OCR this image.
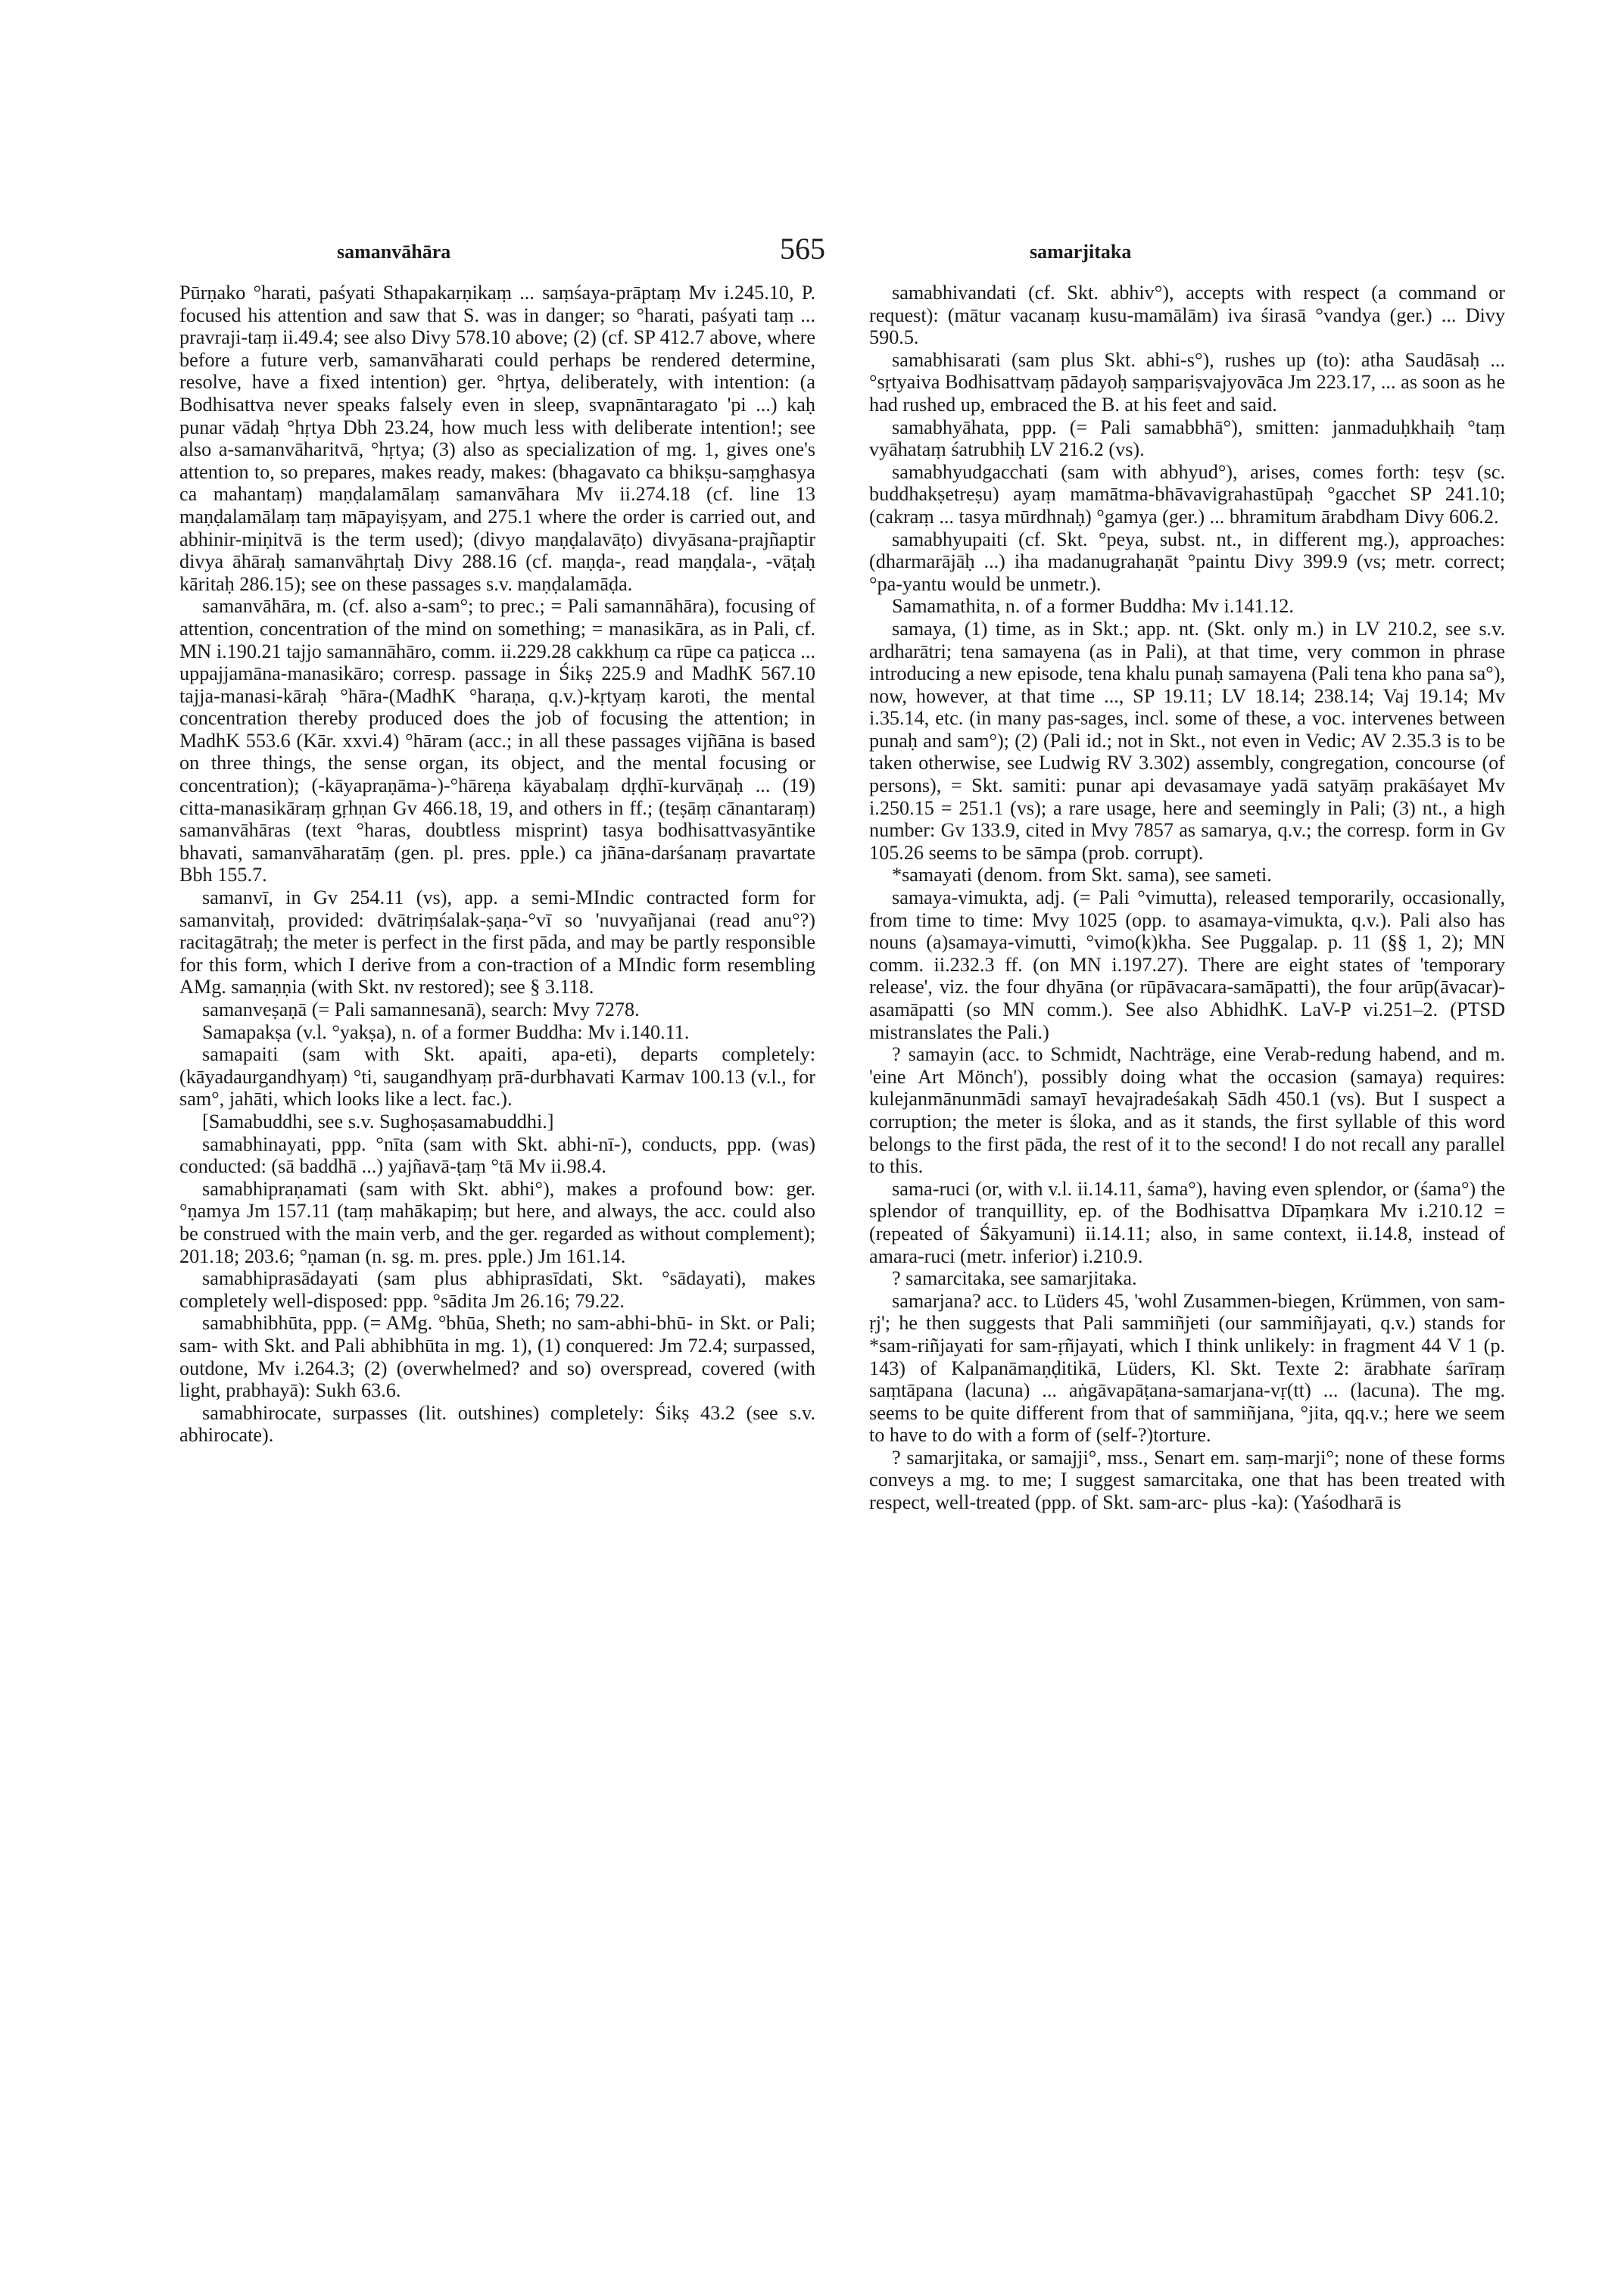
samanvāhāra	565	samarjitaka

Pūrṇako °harati, paśyati Sthapakarṇikaṃ ... saṃśaya-prāptaṃ Mv i.245.10, P. focused his attention and saw that S. was in danger; so °harati, paśyati taṃ ... pravraji-taṃ ii.49.4; see also Divy 578.10 above; (2) (cf. SP 412.7 above, where before a future verb, samanvāharati could perhaps be rendered determine, resolve, have a fixed intention) ger. °hṛtya, deliberately, with intention: (a Bodhisattva never speaks falsely even in sleep, svapnāntaragato 'pi ...) kaḥ punar vādaḥ °hṛtya Dbh 23.24, how much less with deliberate intention!; see also a-samanvāharitvā, °hṛtya; (3) also as specialization of mg. 1, gives one's attention to, so prepares, makes ready, makes: (bhagavato ca bhikṣu-saṃghasya ca mahantaṃ) maṇḍalamālaṃ samanvāhara Mv ii.274.18 (cf. line 13 maṇḍalamālaṃ taṃ māpayiṣyam, and 275.1 where the order is carried out, and abhinir-miṇitvā is the term used); (divyo maṇḍalavāṭo) divyāsana-prajñaptir divya āhāraḥ samanvāhṛtaḥ Divy 288.16 (cf. maṇḍa-, read maṇḍala-, -vāṭaḥ kāritaḥ 286.15); see on these passages s.v. maṇḍalamāḍa.

samanvāhāra, m. (cf. also a-sam°; to prec.; = Pali samannāhāra), focusing of attention, concentration of the mind on something; = manasikāra, as in Pali, cf. MN i.190.21 tajjo samannāhāro, comm. ii.229.28 cakkhuṃ ca rūpe ca paṭicca ... uppajjamāna-manasikāro; corresp. passage in Śikṣ 225.9 and MadhK 567.10 tajja-manasi-kāraḥ °hāra-(MadhK °haraṇa, q.v.)-kṛtyaṃ karoti, the mental concentration thereby produced does the job of focusing the attention; in MadhK 553.6 (Kār. xxvi.4) °hāram (acc.; in all these passages vijñāna is based on three things, the sense organ, its object, and the mental focusing or concentration); (-kāyapraṇāma-)-°hāreṇa kāyabalaṃ dṛḍhī-kurvāṇaḥ ... (19) citta-manasikāraṃ gṛhṇan Gv 466.18, 19, and others in ff.; (teṣāṃ cānantaraṃ) samanvāhāras (text °haras, doubtless misprint) tasya bodhisattvasyāntike bhavati, samanvāharatāṃ (gen. pl. pres. pple.) ca jñāna-darśanaṃ pravartate Bbh 155.7.

samanvī, in Gv 254.11 (vs), app. a semi-MIndic contracted form for samanvitaḥ, provided: dvātriṃśalak-ṣaṇa-°vī so 'nuvyañjanai (read anu°?) racitagātraḥ; the meter is perfect in the first pāda, and may be partly responsible for this form, which I derive from a con-traction of a MIndic form resembling AMg. samaṇṇia (with Skt. nv restored); see § 3.118.

samanveṣaṇā (= Pali samannesanā), search: Mvy 7278.

Samapakṣa (v.l. °yakṣa), n. of a former Buddha: Mv i.140.11.

samapaiti (sam with Skt. apaiti, apa-eti), departs completely: (kāyadaurgandhyaṃ) °ti, saugandhyaṃ prā-durbhavati Karmav 100.13 (v.l., for sam°, jahāti, which looks like a lect. fac.).

[Samabuddhi, see s.v. Sughoṣasamabuddhi.]

samabhinayati, ppp. °nīta (sam with Skt. abhi-nī-), conducts, ppp. (was) conducted: (sā baddhā ...) yajñavā-ṭaṃ °tā Mv ii.98.4.

samabhipraṇamati (sam with Skt. abhi°), makes a profound bow: ger. °ṇamya Jm 157.11 (taṃ mahākapiṃ; but here, and always, the acc. could also be construed with the main verb, and the ger. regarded as without complement); 201.18; 203.6; °ṇaman (n. sg. m. pres. pple.) Jm 161.14.

samabhiprasādayati (sam plus abhiprasīdati, Skt. °sādayati), makes completely well-disposed: ppp. °sādita Jm 26.16; 79.22.

samabhibhūta, ppp. (= AMg. °bhūa, Sheth; no sam-abhi-bhū- in Skt. or Pali; sam- with Skt. and Pali abhibhūta in mg. 1), (1) conquered: Jm 72.4; surpassed, outdone, Mv i.264.3; (2) (overwhelmed? and so) overspread, covered (with light, prabhayā): Sukh 63.6.

samabhirocate, surpasses (lit. outshines) completely: Śikṣ 43.2 (see s.v. abhirocate).

samabhivandati (cf. Skt. abhiv°), accepts with respect (a command or request): (mātur vacanaṃ kusu-mamālām) iva śirasā °vandya (ger.) ... Divy 590.5.

samabhisarati (sam plus Skt. abhi-s°), rushes up (to): atha Saudāsaḥ ... °sṛtyaiva Bodhisattvaṃ pādayoḥ saṃpariṣvajyovāca Jm 223.17, ... as soon as he had rushed up, embraced the B. at his feet and said.

samabhyāhata, ppp. (= Pali samabbhā°), smitten: janmaduḥkhaiḥ °taṃ vyāhataṃ śatrubhiḥ LV 216.2 (vs).

samabhyudgacchati (sam with abhyud°), arises, comes forth: teṣv (sc. buddhakṣetreṣu) ayaṃ mamātma-bhāvavigrahastūpaḥ °gacchet SP 241.10; (cakraṃ ... tasya mūrdhnaḥ) °gamya (ger.) ... bhramitum ārabdham Divy 606.2.

samabhyupaiti (cf. Skt. °peya, subst. nt., in different mg.), approaches: (dharmarājāḥ ...) iha madanugrahaṇāt °paintu Divy 399.9 (vs; metr. correct; °pa-yantu would be unmetr.).

Samamathita, n. of a former Buddha: Mv i.141.12.

samaya, (1) time, as in Skt.; app. nt. (Skt. only m.) in LV 210.2, see s.v. ardharātri; tena samayena (as in Pali), at that time, very common in phrase introducing a new episode, tena khalu punaḥ samayena (Pali tena kho pana sa°), now, however, at that time ..., SP 19.11; LV 18.14; 238.14; Vaj 19.14; Mv i.35.14, etc. (in many pas-sages, incl. some of these, a voc. intervenes between punaḥ and sam°); (2) (Pali id.; not in Skt., not even in Vedic; AV 2.35.3 is to be taken otherwise, see Ludwig RV 3.302) assembly, congregation, concourse (of persons), = Skt. samiti: punar api devasamaye yadā satyāṃ prakāśayet Mv i.250.15 = 251.1 (vs); a rare usage, here and seemingly in Pali; (3) nt., a high number: Gv 133.9, cited in Mvy 7857 as samarya, q.v.; the corresp. form in Gv 105.26 seems to be sāmpa (prob. corrupt).

*samayati (denom. from Skt. sama), see sameti.

samaya-vimukta, adj. (= Pali °vimutta), released temporarily, occasionally, from time to time: Mvy 1025 (opp. to asamaya-vimukta, q.v.). Pali also has nouns (a)samaya-vimutti, °vimo(k)kha. See Puggalap. p. 11 (§§ 1, 2); MN comm. ii.232.3 ff. (on MN i.197.27). There are eight states of 'temporary release', viz. the four dhyāna (or rūpāvacara-samāpatti), the four arūp(āvacar)-asamāpatti (so MN comm.). See also AbhidhK. LaV-P vi.251–2. (PTSD mistranslates the Pali.)

? samayin (acc. to Schmidt, Nachträge, eine Verab-redung habend, and m. 'eine Art Mönch'), possibly doing what the occasion (samaya) requires: kulejanmānunmādi samayī hevajradeśakaḥ Sādh 450.1 (vs). But I suspect a corruption; the meter is śloka, and as it stands, the first syllable of this word belongs to the first pāda, the rest of it to the second! I do not recall any parallel to this.

sama-ruci (or, with v.l. ii.14.11, śama°), having even splendor, or (śama°) the splendor of tranquillity, ep. of the Bodhisattva Dīpaṃkara Mv i.210.12 = (repeated of Śākyamuni) ii.14.11; also, in same context, ii.14.8, instead of amara-ruci (metr. inferior) i.210.9.

? samarcitaka, see samarjitaka.

samarjana? acc. to Lüders 45, 'wohl Zusammen-biegen, Krümmen, von sam-ṛj'; he then suggests that Pali sammiñjeti (our sammiñjayati, q.v.) stands for *sam-riñjayati for sam-ṛñjayati, which I think unlikely: in fragment 44 V 1 (p. 143) of Kalpanāmaṇḍitikā, Lüders, Kl. Skt. Texte 2: ārabhate śarīraṃ saṃtāpana (lacuna) ... aṅgāvapāṭana-samarjana-vṛ(tt) ... (lacuna). The mg. seems to be quite different from that of sammiñjana, °jita, qq.v.; here we seem to have to do with a form of (self-?)torture.

? samarjitaka, or samajji°, mss., Senart em. saṃ-marji°; none of these forms conveys a mg. to me; I suggest samarcitaka, one that has been treated with respect, well-treated (ppp. of Skt. sam-arc- plus -ka): (Yaśodharā is
